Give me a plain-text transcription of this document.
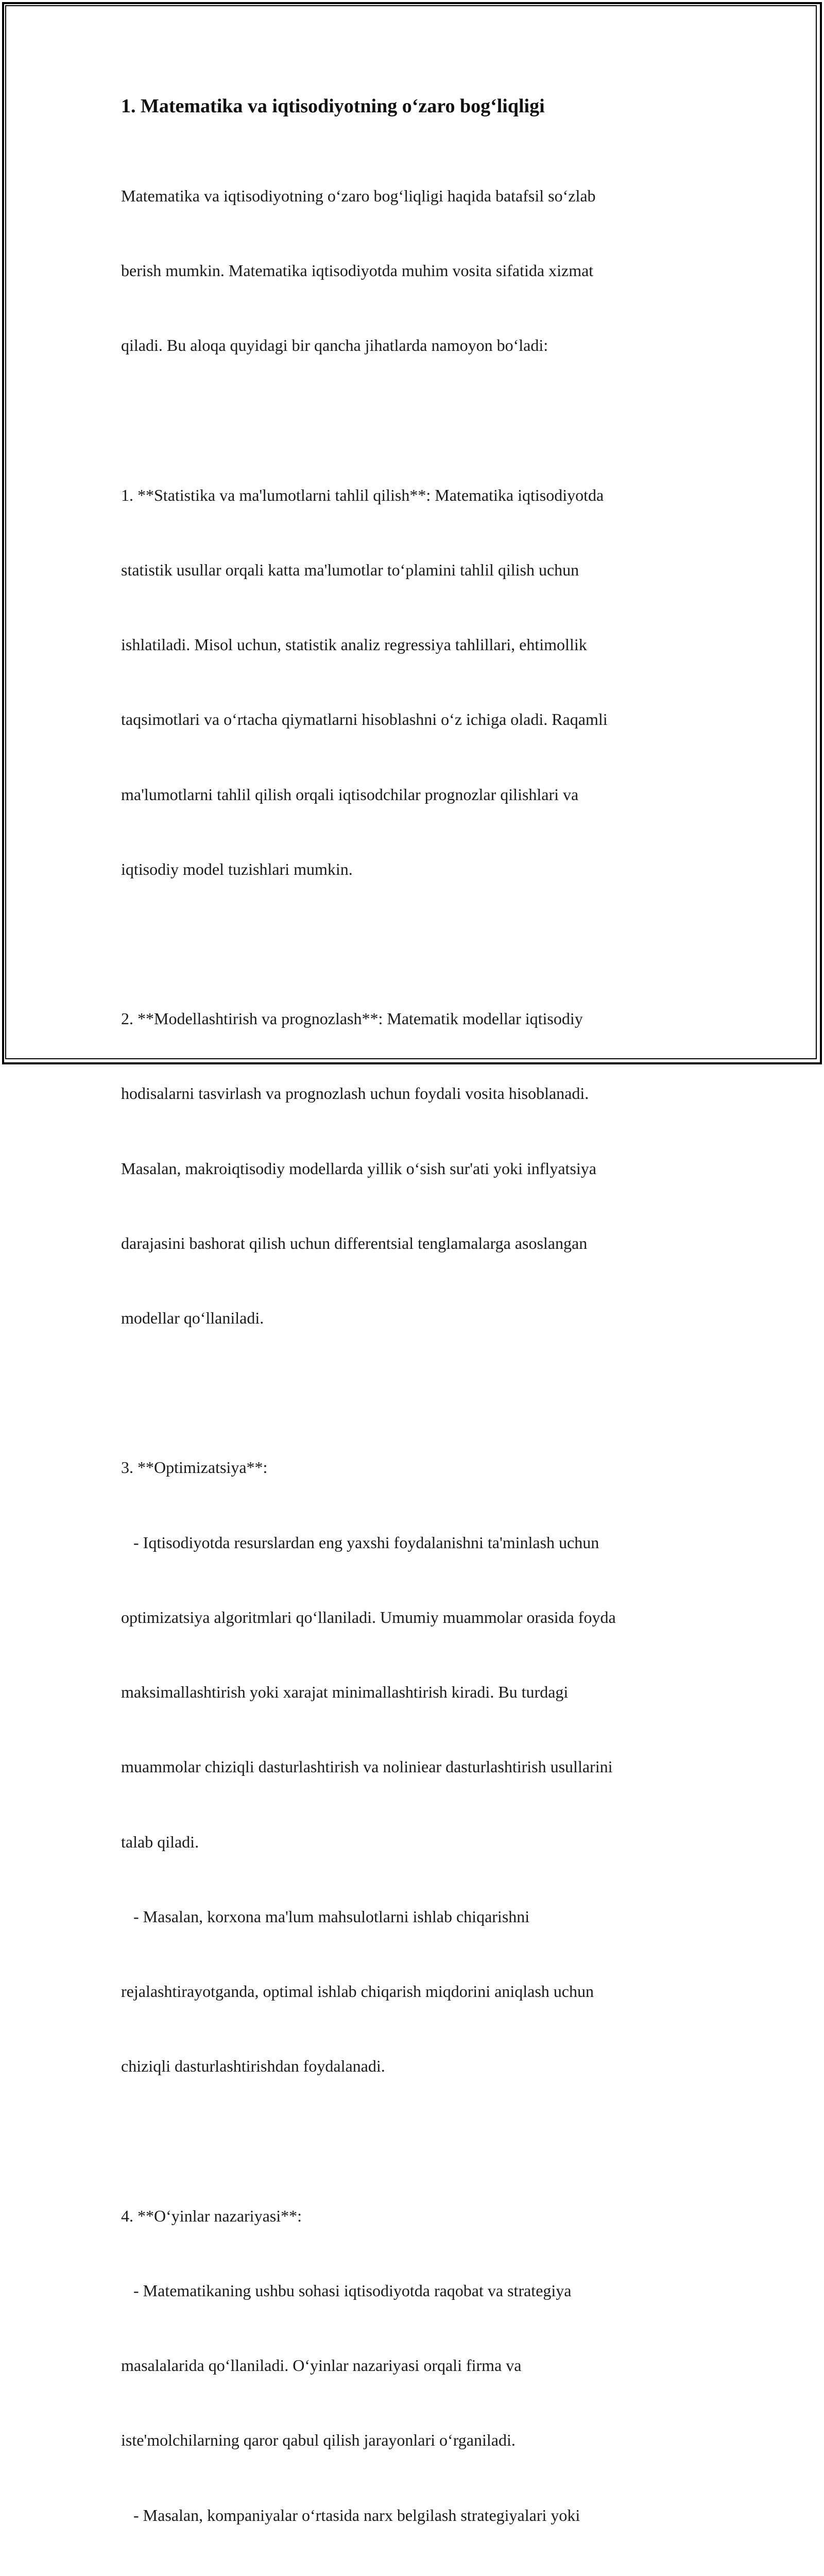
1. Matematika va iqtisodiyotning o‘zaro bog‘liqligi

Matematika va iqtisodiyotning o‘zaro bog‘liqligi haqida batafsil so‘zlab

berish mumkin. Matematika iqtisodiyotda muhim vosita sifatida xizmat

qiladi. Bu aloqa quyidagi bir qancha jihatlarda namoyon bo‘ladi:

1. **Statistika va ma'lumotlarni tahlil qilish**: Matematika iqtisodiyotda

statistik usullar orqali katta ma'lumotlar to‘plamini tahlil qilish uchun

ishlatiladi. Misol uchun, statistik analiz regressiya tahlillari, ehtimollik

taqsimotlari va o‘rtacha qiymatlarni hisoblashni o‘z ichiga oladi. Raqamli

ma'lumotlarni tahlil qilish orqali iqtisodchilar prognozlar qilishlari va

iqtisodiy model tuzishlari mumkin.

2. **Modellashtirish va prognozlash**: Matematik modellar iqtisodiy

hodisalarni tasvirlash va prognozlash uchun foydali vosita hisoblanadi.

Masalan, makroiqtisodiy modellarda yillik o‘sish sur'ati yoki inflyatsiya

darajasini bashorat qilish uchun differentsial tenglamalarga asoslangan

modellar qo‘llaniladi.

3. **Optimizatsiya**:

- Iqtisodiyotda resurslardan eng yaxshi foydalanishni ta'minlash uchun

optimizatsiya algoritmlari qo‘llaniladi. Umumiy muammolar orasida foyda

maksimallashtirish yoki xarajat minimallashtirish kiradi. Bu turdagi

muammolar chiziqli dasturlashtirish va noliniear dasturlashtirish usullarini

talab qiladi.

- Masalan, korxona ma'lum mahsulotlarni ishlab chiqarishni

rejalashtirayotganda, optimal ishlab chiqarish miqdorini aniqlash uchun

chiziqli dasturlashtirishdan foydalanadi.

4. **O‘yinlar nazariyasi**:

- Matematikaning ushbu sohasi iqtisodiyotda raqobat va strategiya

masalalarida qo‘llaniladi. O‘yinlar nazariyasi orqali firma va

iste'molchilarning qaror qabul qilish jarayonlari o‘rganiladi.

- Masalan, kompaniyalar o‘rtasida narx belgilash strategiyalari yoki
